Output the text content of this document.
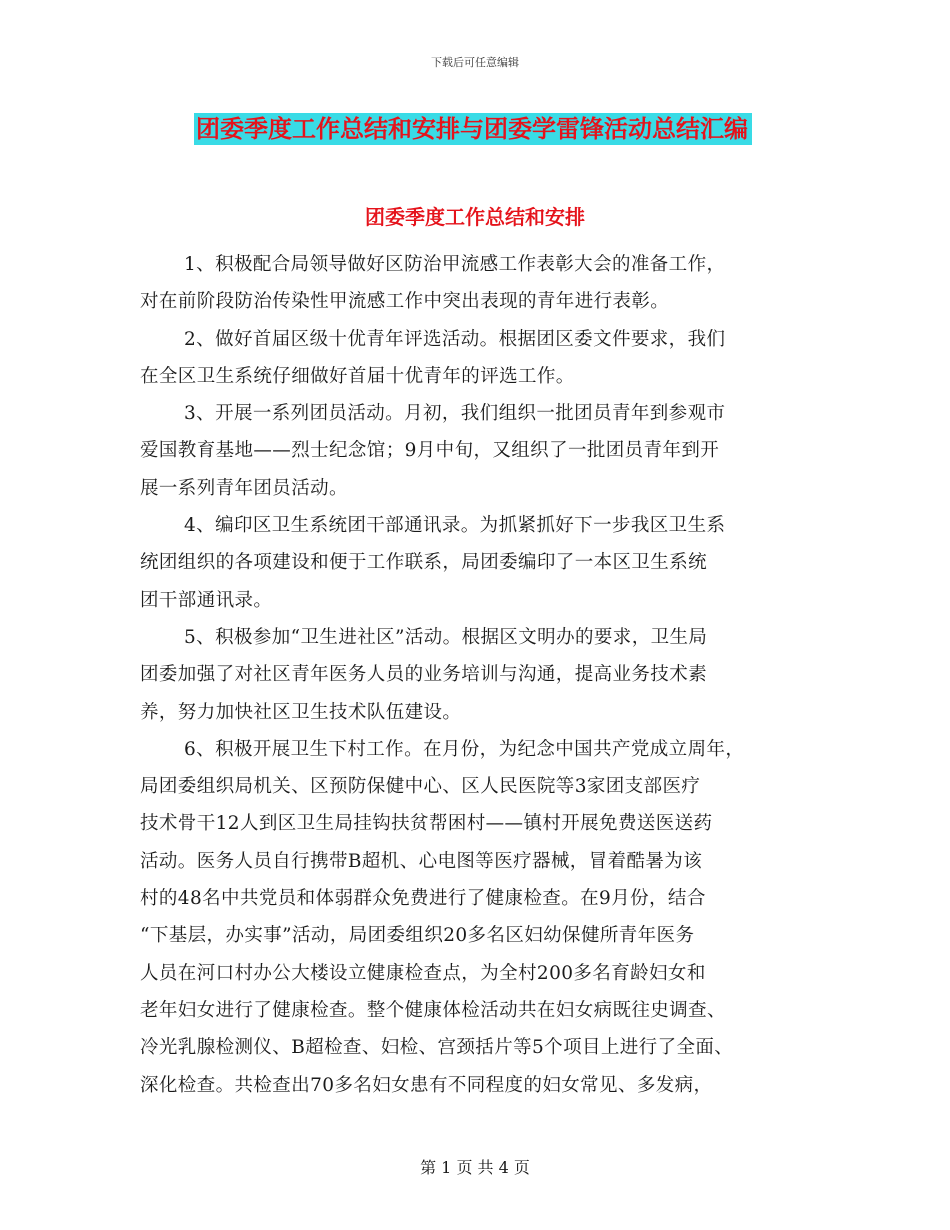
下载后可任意编辑
团委季度工作总结和安排与团委学雷锋活动总结汇编
团委季度工作总结和安排
1、积极配合局领导做好区防治甲流感工作表彰大会的准备工作，
对在前阶段防治传染性甲流感工作中突出表现的青年进行表彰。
2、做好首届区级十优青年评选活动。根据团区委文件要求，我们
在全区卫生系统仔细做好首届十优青年的评选工作。
3、开展一系列团员活动。月初，我们组织一批团员青年到参观市
爱国教育基地——烈士纪念馆；9月中旬，又组织了一批团员青年到开
展一系列青年团员活动。
4、编印区卫生系统团干部通讯录。为抓紧抓好下一步我区卫生系
统团组织的各项建设和便于工作联系，局团委编印了一本区卫生系统
团干部通讯录。
5、积极参加“卫生进社区”活动。根据区文明办的要求，卫生局
团委加强了对社区青年医务人员的业务培训与沟通，提高业务技术素
养，努力加快社区卫生技术队伍建设。
6、积极开展卫生下村工作。在月份，为纪念中国共产党成立周年，
局团委组织局机关、区预防保健中心、区人民医院等3家团支部医疗
技术骨干12人到区卫生局挂钩扶贫帮困村——镇村开展免费送医送药
活动。医务人员自行携带B超机、心电图等医疗器械，冒着酷暑为该
村的48名中共党员和体弱群众免费进行了健康检查。在9月份，结合
“下基层，办实事”活动，局团委组织20多名区妇幼保健所青年医务
人员在河口村办公大楼设立健康检查点，为全村200多名育龄妇女和
老年妇女进行了健康检查。整个健康体检活动共在妇女病既往史调查、
冷光乳腺检测仪、B超检查、妇检、宫颈括片等5个项目上进行了全面、
深化检查。共检查出70多名妇女患有不同程度的妇女常见、多发病，
第 1 页 共 4 页
